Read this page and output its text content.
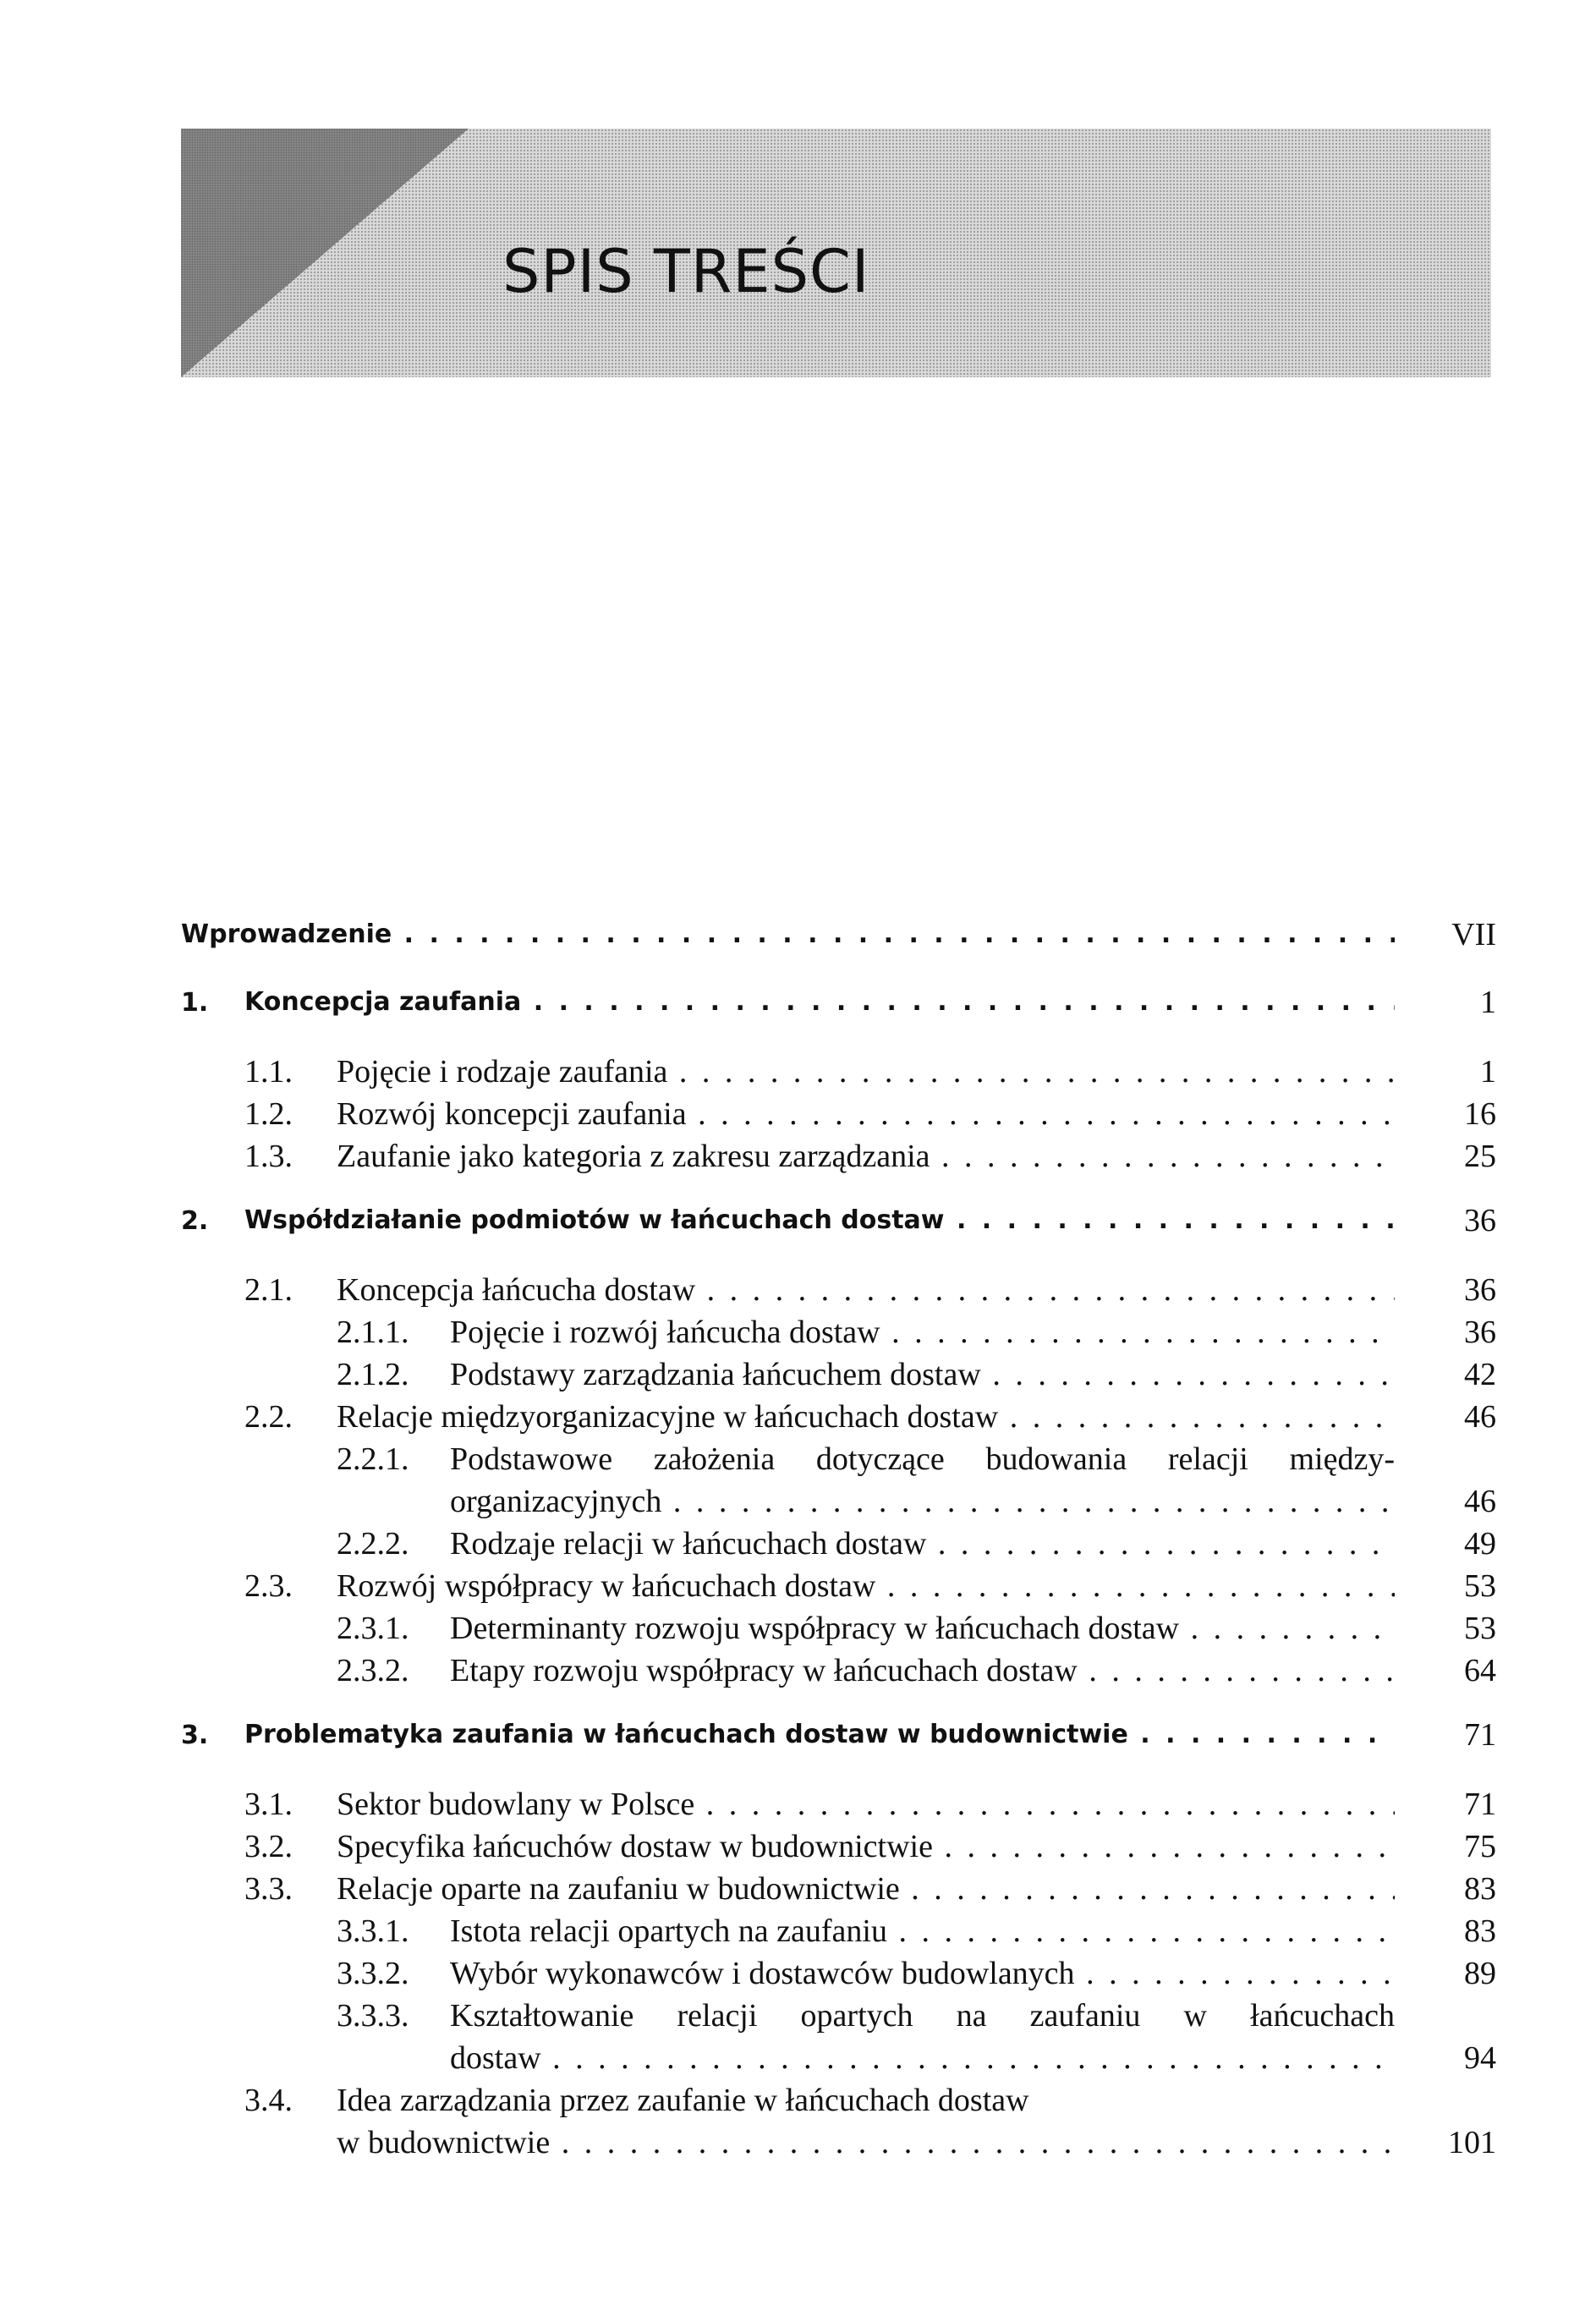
SPIS TREŚCI
Wprowadzenie . . .	VII
1. Koncepcja zaufania . . .	1
1.1. Pojęcie i rodzaje zaufania . . .	1
1.2. Rozwój koncepcji zaufania . . .	16
1.3. Zaufanie jako kategoria z zakresu zarządzania . . .	25
2. Współdziałanie podmiotów w łańcuchach dostaw . . .	36
2.1. Koncepcja łańcucha dostaw . . .	36
2.1.1. Pojęcie i rozwój łańcucha dostaw . . .	36
2.1.2. Podstawy zarządzania łańcuchem dostaw . . .	42
2.2. Relacje międzyorganizacyjne w łańcuchach dostaw . . .	46
2.2.1. Podstawowe założenia dotyczące budowania relacji między-
organizacyjnych . . .	46
2.2.2. Rodzaje relacji w łańcuchach dostaw . . .	49
2.3. Rozwój współpracy w łańcuchach dostaw . . .	53
2.3.1. Determinanty rozwoju współpracy w łańcuchach dostaw . . .	53
2.3.2. Etapy rozwoju współpracy w łańcuchach dostaw . . .	64
3. Problematyka zaufania w łańcuchach dostaw w budownictwie . . .	71
3.1. Sektor budowlany w Polsce . . .	71
3.2. Specyfika łańcuchów dostaw w budownictwie . . .	75
3.3. Relacje oparte na zaufaniu w budownictwie . . .	83
3.3.1. Istota relacji opartych na zaufaniu . . .	83
3.3.2. Wybór wykonawców i dostawców budowlanych . . .	89
3.3.3. Kształtowanie relacji opartych na zaufaniu w łańcuchach
dostaw . . .	94
3.4. Idea zarządzania przez zaufanie w łańcuchach dostaw
w budownictwie . . .	101
